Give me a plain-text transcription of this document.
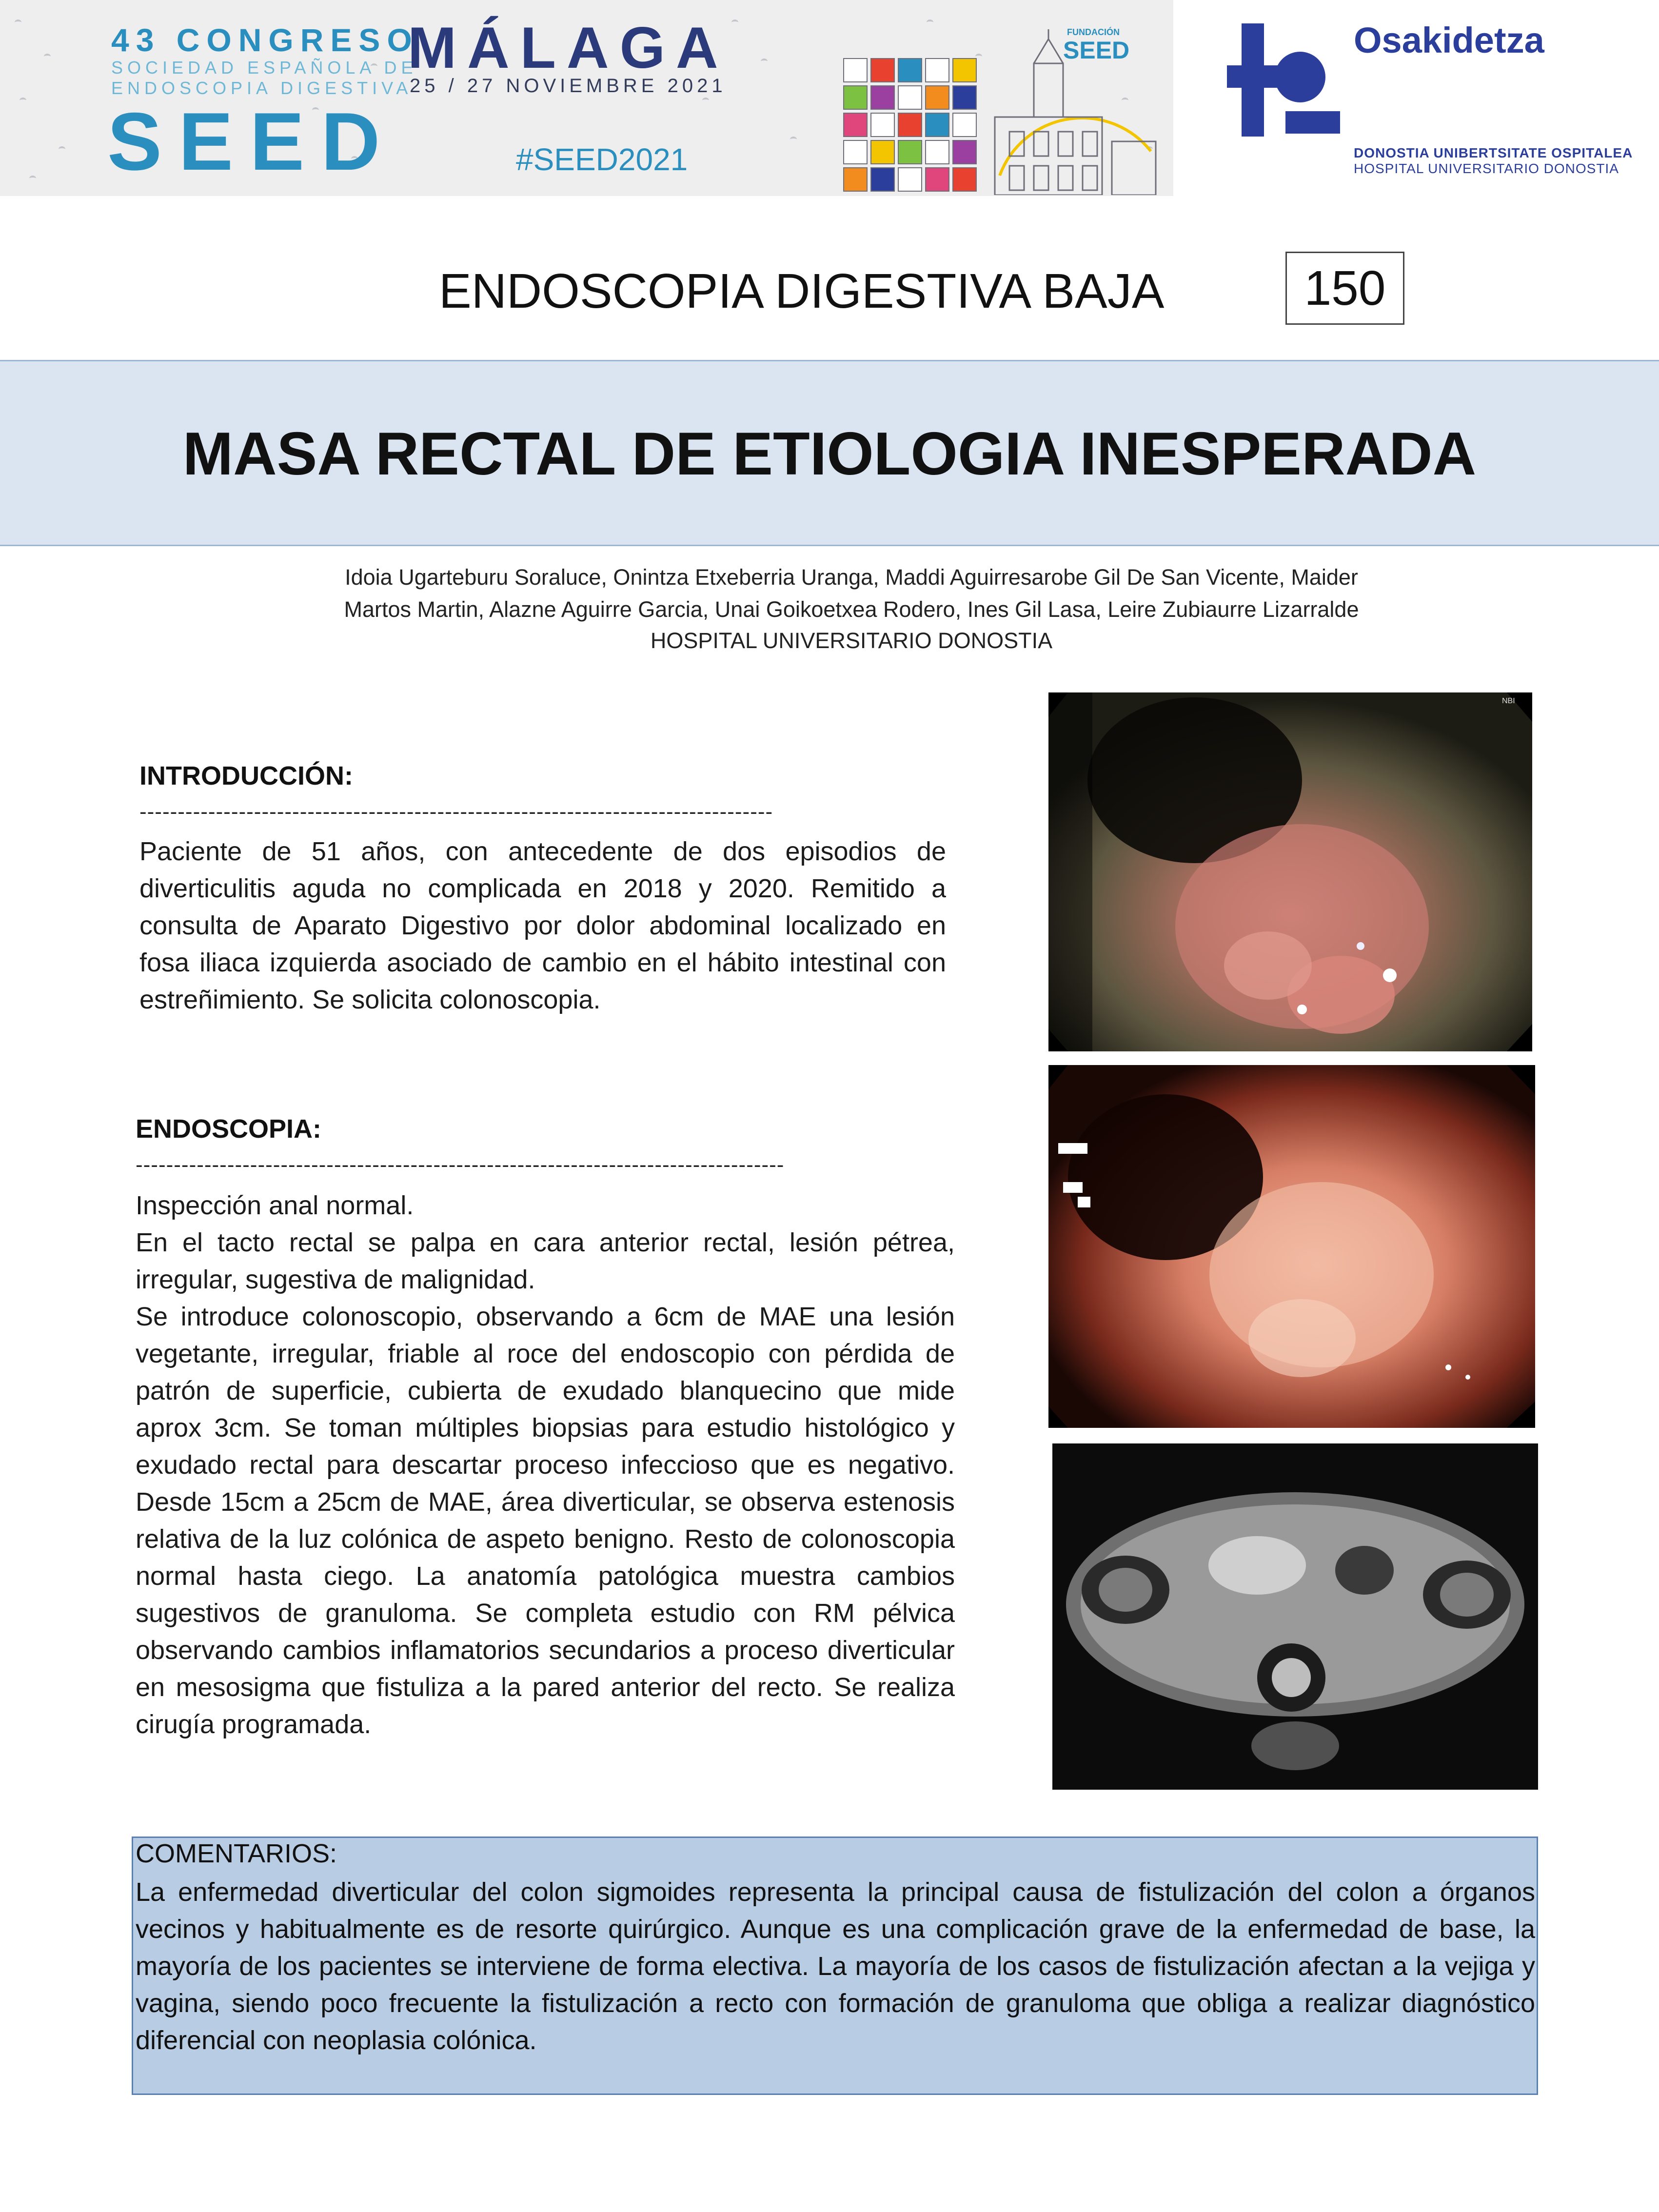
43 CONGRESO
SOCIEDAD ESPAÑOLA DE
ENDOSCOPIA DIGESTIVA
SEED
MÁLAGA
25 / 27 NOVIEMBRE 2021
#SEED2021
FUNDACIÓN
SEED	Osakidetza
DONOSTIA UNIBERTSITATE OSPITALEA
HOSPITAL UNIVERSITARIO DONOSTIA
ENDOSCOPIA DIGESTIVA BAJA	150
MASA RECTAL DE ETIOLOGIA INESPERADA
Idoia Ugarteburu Soraluce, Onintza Etxeberria Uranga, Maddi Aguirresarobe Gil De San Vicente, Maider
Martos Martin, Alazne Aguirre Garcia, Unai Goikoetxea Rodero, Ines Gil Lasa, Leire Zubiaurre Lizarralde
HOSPITAL UNIVERSITARIO DONOSTIA
INTRODUCCIÓN:
-----------------------------------------------------------------------------------
Paciente de 51 años, con antecedente de dos episodios de diverticulitis aguda no complicada en 2018 y 2020. Remitido a consulta de Aparato Digestivo por dolor abdominal localizado en fosa iliaca izquierda asociado de cambio en el hábito intestinal con estreñimiento. Se solicita colonoscopia.
ENDOSCOPIA:
-------------------------------------------------------------------------------------

Inspección anal normal.

En el tacto rectal se palpa en cara anterior rectal, lesión pétrea, irregular, sugestiva de malignidad.

Se introduce colonoscopio, observando a 6cm de MAE una lesión vegetante, irregular, friable al roce del endoscopio con pérdida de patrón de superficie, cubierta de exudado blanquecino que mide aprox 3cm. Se toman múltiples biopsias para estudio histológico y exudado rectal para descartar proceso infeccioso que es negativo. Desde 15cm a 25cm de MAE, área diverticular, se observa estenosis relativa de la luz colónica de aspeto benigno. Resto de colonoscopia normal hasta ciego. La anatomía patológica muestra cambios sugestivos de granuloma. Se completa estudio con RM pélvica observando cambios inflamatorios secundarios a proceso diverticular en mesosigma que fistuliza a la pared anterior del recto. Se realiza cirugía programada.

NBI
COMENTARIOS:
La enfermedad diverticular del colon sigmoides representa la principal causa de fistulización del colon a órganos vecinos y habitualmente es de resorte quirúrgico. Aunque es una complicación grave de la enfermedad de base, la mayoría de los pacientes se interviene de forma electiva. La mayoría de los casos de fistulización afectan a la vejiga y vagina, siendo poco frecuente la fistulización a recto con formación de granuloma que obliga a realizar diagnóstico diferencial con neoplasia colónica.
